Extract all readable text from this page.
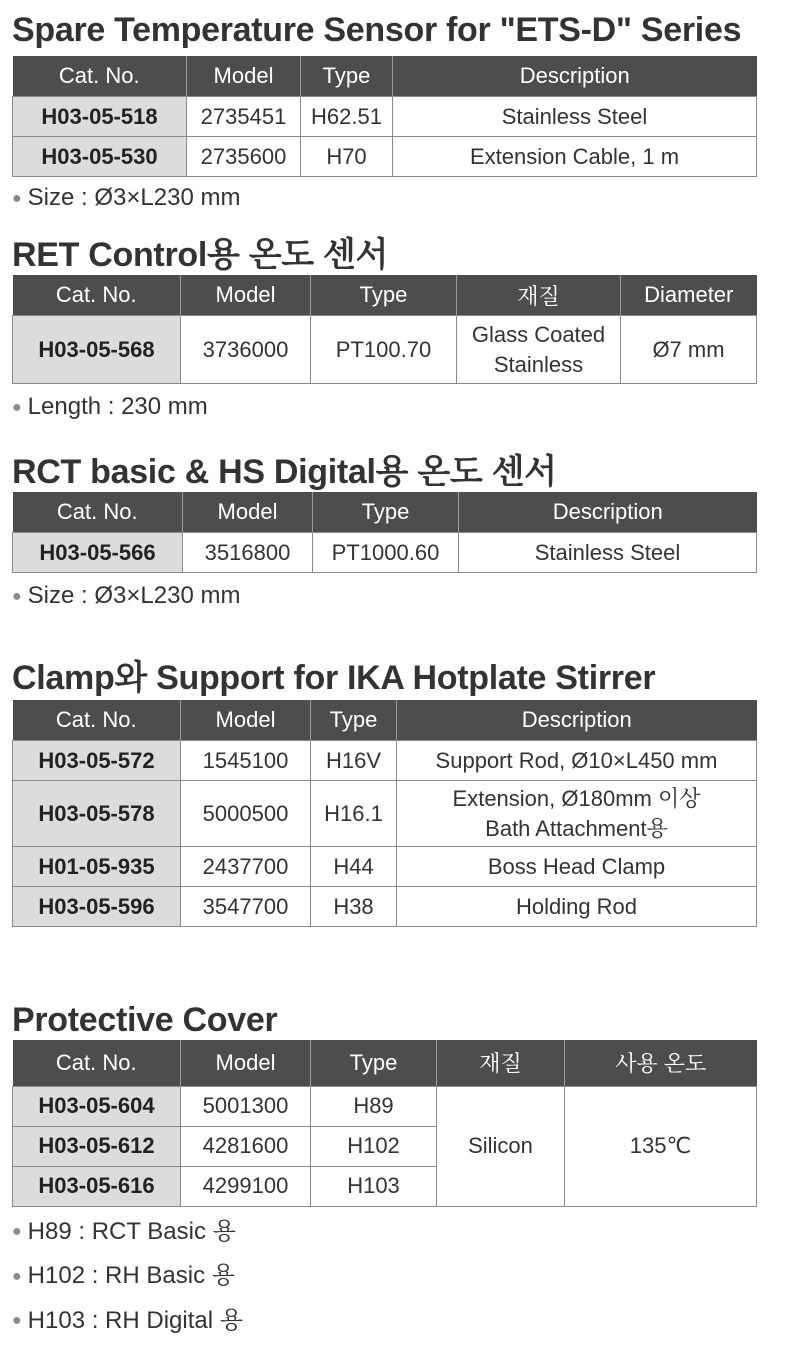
Spare Temperature Sensor for "ETS-D" Series
Cat. No.	Model	Type	Description
H03-05-518	2735451	H62.51	Stainless Steel
H03-05-530	2735600	H70	Extension Cable, 1 m

● Size : Ø3×L230 mm

RET Control용 온도 센서
Cat. No.	Model	Type	재질	Diameter
H03-05-568	3736000	PT100.70	Glass Coated Stainless	Ø7 mm

● Length : 230 mm

RCT basic & HS Digital용 온도 센서
Cat. No.	Model	Type	Description
H03-05-566	3516800	PT1000.60	Stainless Steel

● Size : Ø3×L230 mm

Clamp와 Support for IKA Hotplate Stirrer
Cat. No.	Model	Type	Description
H03-05-572	1545100	H16V	Support Rod, Ø10×L450 mm
H03-05-578	5000500	H16.1	Extension, Ø180mm 이상 Bath Attachment용
H01-05-935	2437700	H44	Boss Head Clamp
H03-05-596	3547700	H38	Holding Rod
Protective Cover
Cat. No.	Model	Type	재질	사용 온도
H03-05-604	5001300	H89	Silicon	135℃
H03-05-612	4281600	H102		
H03-05-616	4299100	H103		

● H89 : RCT Basic 용

● H102 : RH Basic 용

● H103 : RH Digital 용
